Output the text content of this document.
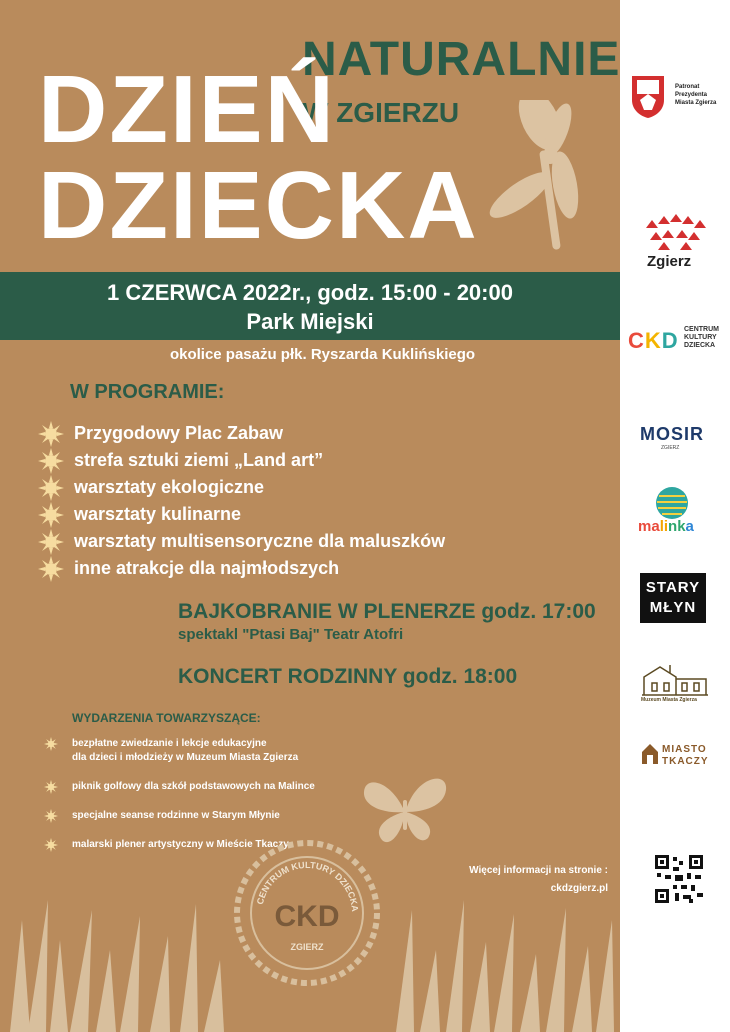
NATURALNIE
W ZGIERZU
DZIEŃ
DZIECKA
1 CZERWCA 2022r., godz. 15:00 - 20:00
Park Miejski
okolice pasażu płk. Ryszarda Kuklińskiego
W PROGRAMIE:
Przygodowy Plac Zabaw
strefa sztuki ziemi „Land art”
warsztaty ekologiczne
warsztaty kulinarne
warsztaty multisensoryczne dla maluszków
inne atrakcje dla najmłodszych
BAJKOBRANIE W PLENERZE godz. 17:00
spektakl "Ptasi Baj" Teatr Atofri
KONCERT RODZINNY godz. 18:00
WYDARZENIA TOWARZYSZĄCE:
bezpłatne zwiedzanie i lekcje edukacyjne
dla dzieci i młodzieży w Muzeum Miasta Zgierza
piknik golfowy dla szkół podstawowych na Malince
specjalne seanse rodzinne w Starym Młynie
malarski plener artystyczny w Mieście Tkaczy
CENTRUM KULTURY DZIECKA
CKD
ZGIERZ
Więcej informacji na stronie :
ckdzgierz.pl
Patronat
Prezydenta
Miasta Zgierza
Zgierz
CKD CENTRUM
KULTURY
DZIECKA
MOSIR
ZGIERZ
malinka
STARY
MŁYN
Muzeum Miasta Zgierza
MIASTO
TKACZY
